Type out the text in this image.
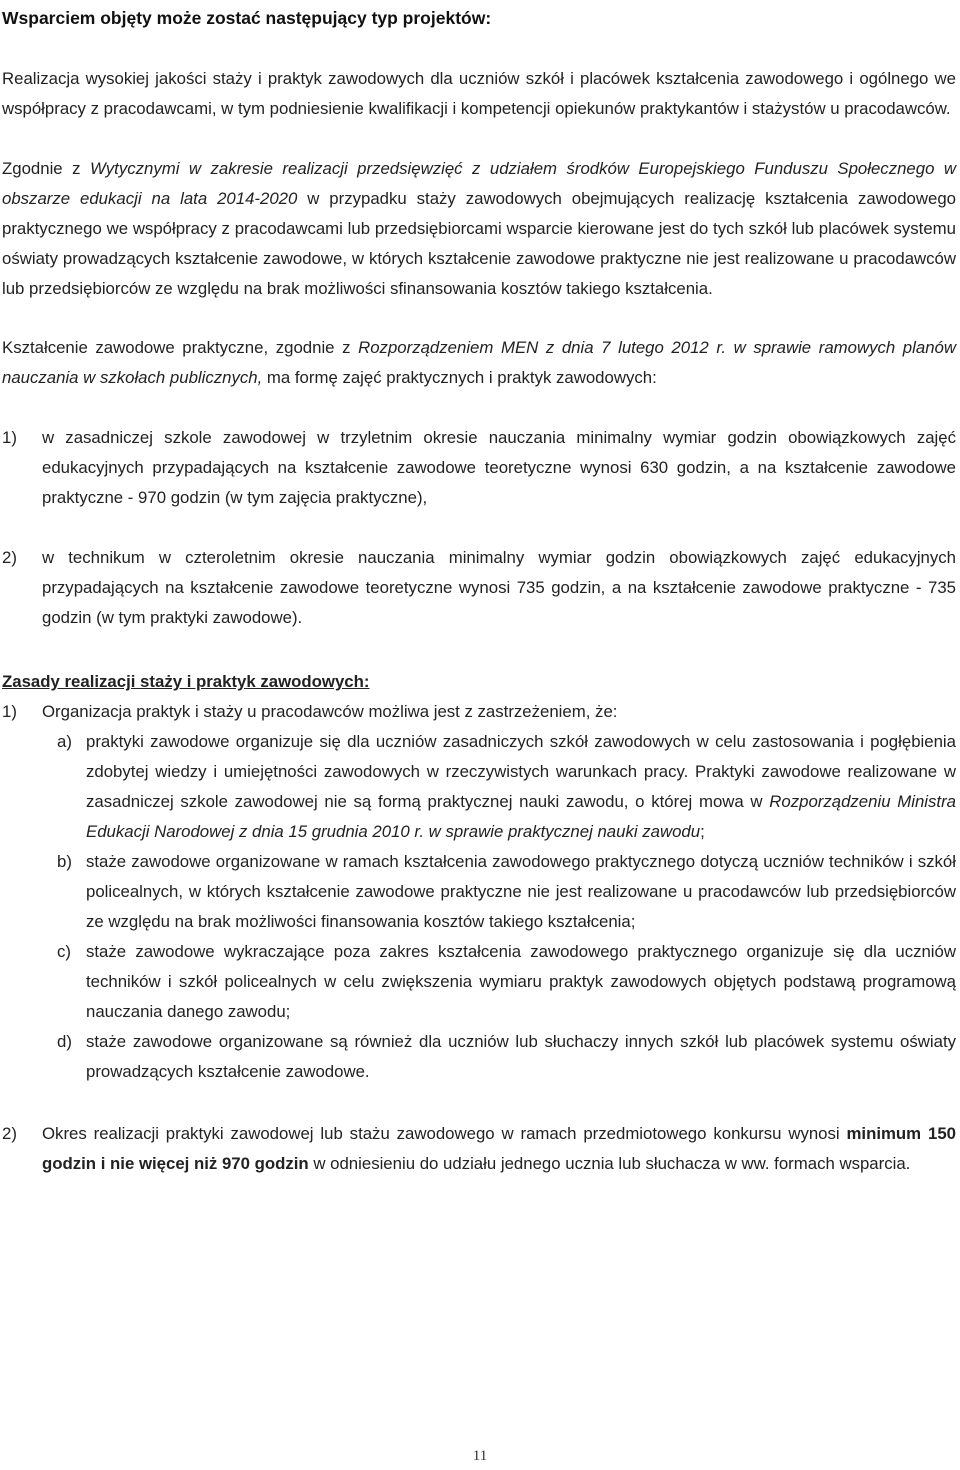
Wsparciem objęty może zostać następujący typ projektów:

Realizacja wysokiej jakości staży i praktyk zawodowych dla uczniów szkół i placówek kształcenia zawodowego i ogólnego we współpracy z pracodawcami, w tym podniesienie kwalifikacji i kompetencji opiekunów praktykantów i stażystów u pracodawców.

Zgodnie z Wytycznymi w zakresie realizacji przedsięwzięć z udziałem środków Europejskiego Funduszu Społecznego w obszarze edukacji na lata 2014-2020 w przypadku staży zawodowych obejmujących realizację kształcenia zawodowego praktycznego we współpracy z pracodawcami lub przedsiębiorcami wsparcie kierowane jest do tych szkół lub placówek systemu oświaty prowadzących kształcenie zawodowe, w których kształcenie zawodowe praktyczne nie jest realizowane u pracodawców lub przedsiębiorców ze względu na brak możliwości sfinansowania kosztów takiego kształcenia.

Kształcenie zawodowe praktyczne, zgodnie z Rozporządzeniem MEN z dnia 7 lutego 2012 r. w sprawie ramowych planów nauczania w szkołach publicznych, ma formę zajęć praktycznych i praktyk zawodowych:

1)	w zasadniczej szkole zawodowej w trzyletnim okresie nauczania minimalny wymiar godzin obowiązkowych zajęć edukacyjnych przypadających na kształcenie zawodowe teoretyczne wynosi 630 godzin, a na kształcenie zawodowe praktyczne - 970 godzin (w tym zajęcia praktyczne),

2)	w technikum w czteroletnim okresie nauczania minimalny wymiar godzin obowiązkowych zajęć edukacyjnych przypadających na kształcenie zawodowe teoretyczne wynosi 735 godzin, a na kształcenie zawodowe praktyczne - 735 godzin (w tym praktyki zawodowe).

Zasady realizacji staży i praktyk zawodowych:

1)	Organizacja praktyk i staży u pracodawców możliwa jest z zastrzeżeniem, że:

a) praktyki zawodowe organizuje się dla uczniów zasadniczych szkół zawodowych w celu zastosowania i pogłębienia zdobytej wiedzy i umiejętności zawodowych w rzeczywistych warunkach pracy. Praktyki zawodowe realizowane w zasadniczej szkole zawodowej nie są formą praktycznej nauki zawodu, o której mowa w Rozporządzeniu Ministra Edukacji Narodowej z dnia 15 grudnia 2010 r. w sprawie praktycznej nauki zawodu;

b) staże zawodowe organizowane w ramach kształcenia zawodowego praktycznego dotyczą uczniów techników i szkół policealnych, w których kształcenie zawodowe praktyczne nie jest realizowane u pracodawców lub przedsiębiorców ze względu na brak możliwości finansowania kosztów takiego kształcenia;

c) staże zawodowe wykraczające poza zakres kształcenia zawodowego praktycznego organizuje się dla uczniów techników i szkół policealnych w celu zwiększenia wymiaru praktyk zawodowych objętych podstawą programową nauczania danego zawodu;

d) staże zawodowe organizowane są również dla uczniów lub słuchaczy innych szkół lub placówek systemu oświaty prowadzących kształcenie zawodowe.

2)	Okres realizacji praktyki zawodowej lub stażu zawodowego w ramach przedmiotowego konkursu wynosi minimum 150 godzin i nie więcej niż 970 godzin w odniesieniu do udziału jednego ucznia lub słuchacza w ww. formach wsparcia.

11
